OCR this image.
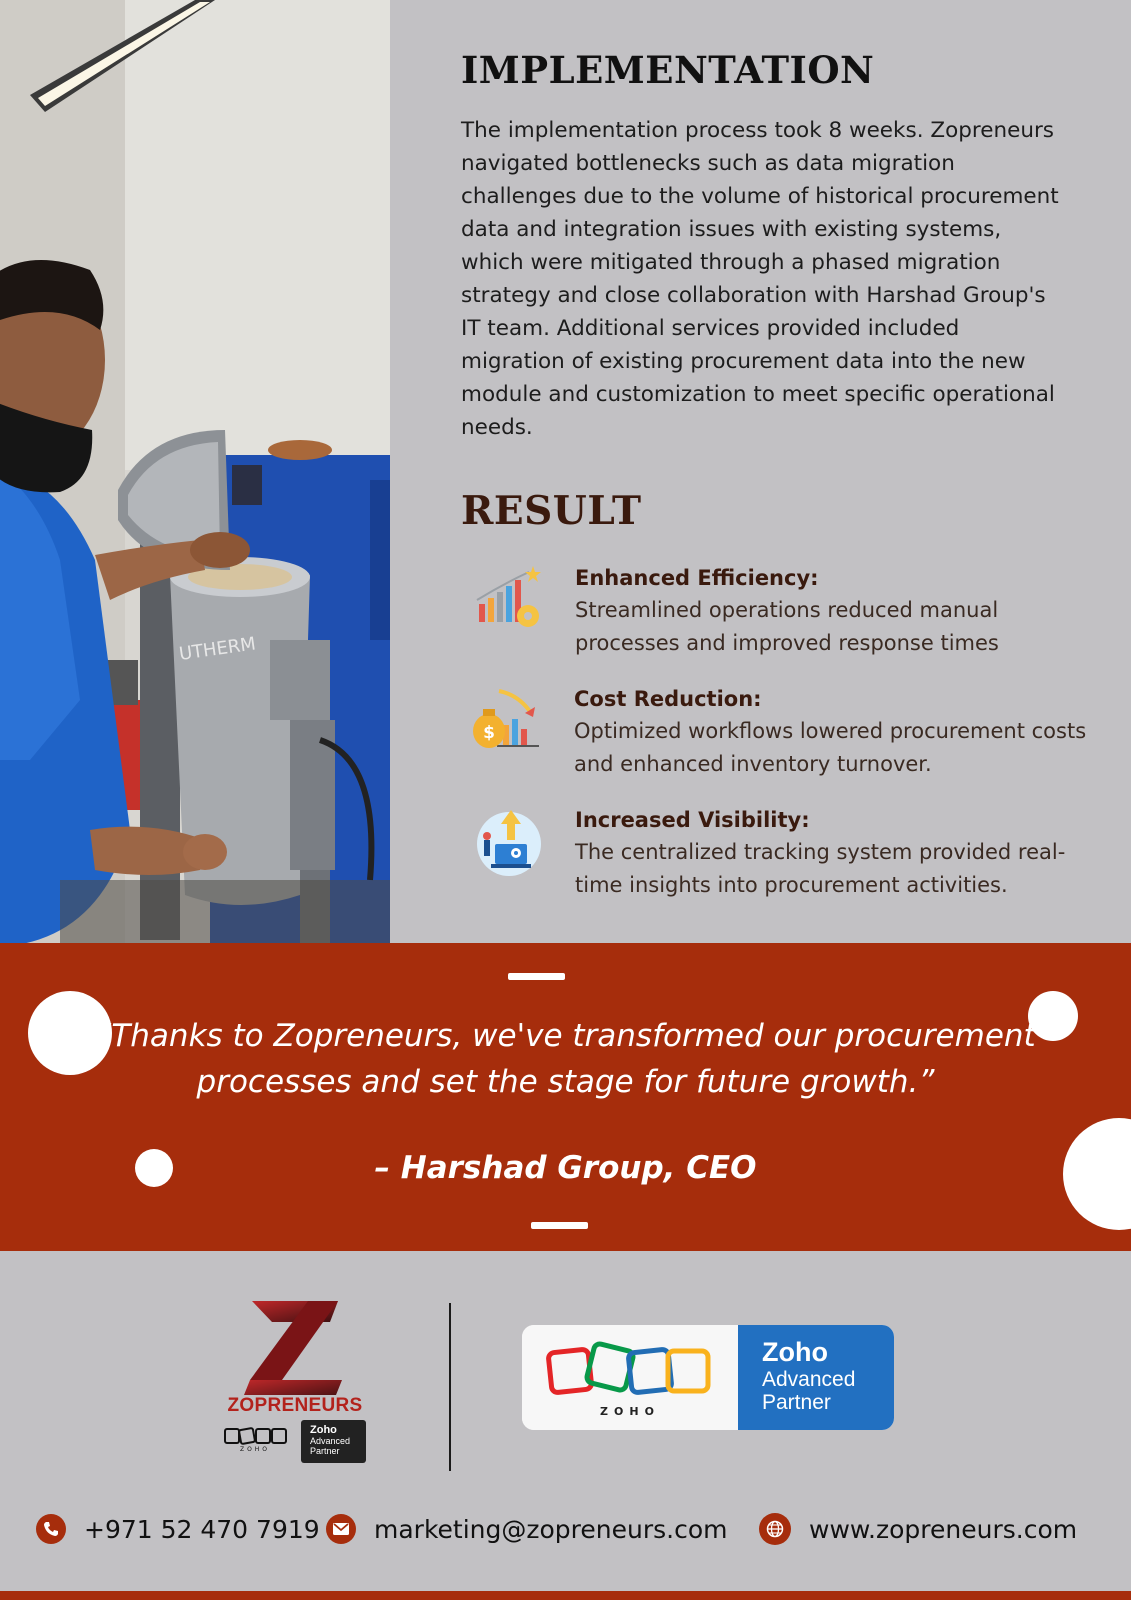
UTHERM
IMPLEMENTATION

The implementation process took 8 weeks. Zopreneurs navigated bottlenecks such as data migration challenges due to the volume of historical procurement data and integration issues with existing systems, which were mitigated through a phased migration strategy and close collaboration with Harshad Group's IT team. Additional services provided included migration of existing procurement data into the new module and customization to meet specific operational needs.

RESULT
Enhanced Efficiency:
Streamlined operations reduced manual processes and improved response times
$
Cost Reduction:
Optimized workflows lowered procurement costs and enhanced inventory turnover.
Increased Visibility:
The centralized tracking system provided real-time insights into procurement activities.

“Thanks to Zopreneurs, we've transformed our procurement processes and set the stage for future growth.”

– Harshad Group, CEO

ZOPRENEURS
ZOHO
Zoho
Advanced
Partner
ZOHO
Zoho
Advanced
Partner
+971 52 470 7919 marketing@zopreneurs.com	www.zopreneurs.com
